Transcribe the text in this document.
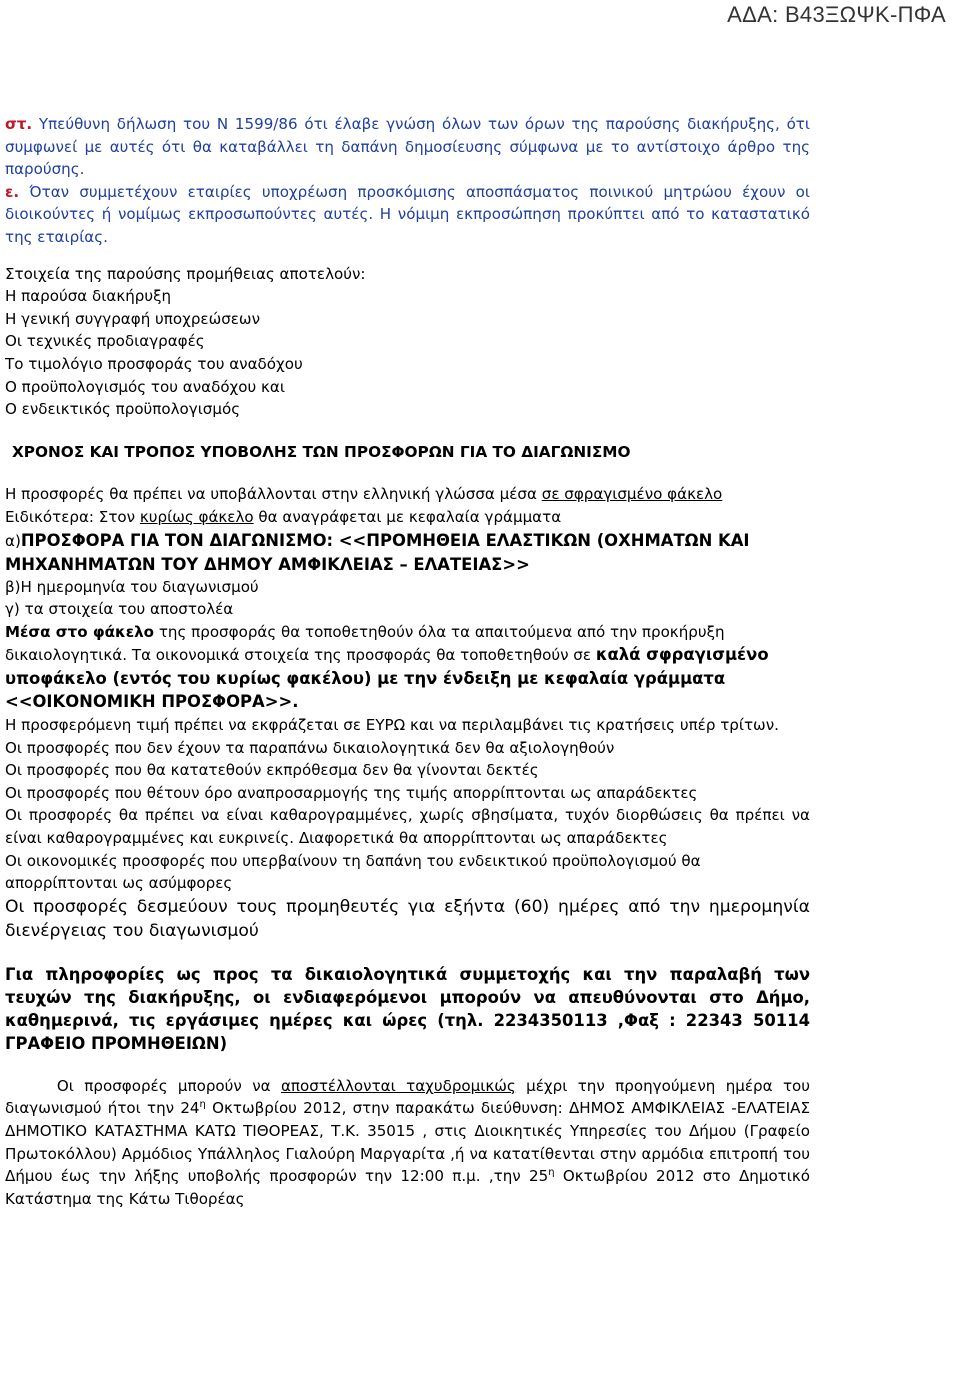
ΑΔΑ: Β43ΞΩΨΚ-ΠΦΑ

στ. Υπεύθυνη δήλωση του Ν 1599/86 ότι έλαβε γνώση όλων των όρων της παρούσης διακήρυξης, ότι συμφωνεί με αυτές ότι θα καταβάλλει τη δαπάνη δημοσίευσης σύμφωνα με το αντίστοιχο άρθρο της παρούσης.

ε. Όταν συμμετέχουν εταιρίες υποχρέωση προσκόμισης αποσπάσματος ποινικού μητρώου έχουν οι διοικούντες ή νομίμως εκπροσωπούντες αυτές. Η νόμιμη εκπροσώπηση προκύπτει από το καταστατικό της εταιρίας.

Στοιχεία της παρούσης προμήθειας αποτελούν:
Η παρούσα διακήρυξη
Η γενική συγγραφή υποχρεώσεων
Οι τεχνικές προδιαγραφές
Το τιμολόγιο προσφοράς του αναδόχου
Ο προϋπολογισμός του αναδόχου και
Ο ενδεικτικός προϋπολογισμός
ΧΡΟΝΟΣ ΚΑΙ ΤΡΟΠΟΣ ΥΠΟΒΟΛΗΣ ΤΩΝ ΠΡΟΣΦΟΡΩΝ ΓΙΑ ΤΟ ΔΙΑΓΩΝΙΣΜΟ

Η προσφορές θα πρέπει να υποβάλλονται στην ελληνική γλώσσα μέσα σε σφραγισμένο φάκελο

Ειδικότερα: Στον κυρίως φάκελο θα αναγράφεται με κεφαλαία γράμματα

α)ΠΡΟΣΦΟΡΑ ΓΙΑ ΤΟΝ ΔΙΑΓΩΝΙΣΜΟ: <<ΠΡΟΜΗΘΕΙΑ ΕΛΑΣΤΙΚΩΝ (ΟΧΗΜΑΤΩΝ ΚΑΙ ΜΗΧΑΝΗΜΑΤΩΝ ΤΟΥ ΔΗΜΟΥ ΑΜΦΙΚΛΕΙΑΣ – ΕΛΑΤΕΙΑΣ>>

β)Η ημερομηνία του διαγωνισμού
γ) τα στοιχεία του αποστολέα

Μέσα στο φάκελο της προσφοράς θα τοποθετηθούν όλα τα απαιτούμενα από την προκήρυξη δικαιολογητικά. Τα οικονομικά στοιχεία της προσφοράς θα τοποθετηθούν σε καλά σφραγισμένο υποφάκελο (εντός του κυρίως φακέλου) με την ένδειξη με κεφαλαία γράμματα <<ΟΙΚΟΝΟΜΙΚΗ ΠΡΟΣΦΟΡΑ>>.

Η προσφερόμενη τιμή πρέπει να εκφράζεται σε ΕΥΡΩ και να περιλαμβάνει τις κρατήσεις υπέρ τρίτων.

Οι προσφορές που δεν έχουν τα παραπάνω δικαιολογητικά δεν θα αξιολογηθούν
Οι προσφορές που θα κατατεθούν εκπρόθεσμα δεν θα γίνονται δεκτές
Οι προσφορές που θέτουν όρο αναπροσαρμογής της τιμής απορρίπτονται ως απαράδεκτες

Οι προσφορές θα πρέπει να είναι καθαρογραμμένες, χωρίς σβησίματα, τυχόν διορθώσεις θα πρέπει να είναι καθαρογραμμένες και ευκρινείς. Διαφορετικά θα απορρίπτονται ως απαράδεκτες

Οι οικονομικές προσφορές που υπερβαίνουν τη δαπάνη του ενδεικτικού προϋπολογισμού θα απορρίπτονται ως ασύμφορες

Οι προσφορές δεσμεύουν τους προμηθευτές για εξήντα (60) ημέρες από την ημερομηνία διενέργειας του διαγωνισμού

Για πληροφορίες ως προς τα δικαιολογητικά συμμετοχής και την παραλαβή των τευχών της διακήρυξης, οι ενδιαφερόμενοι μπορούν να απευθύνονται στο Δήμο, καθημερινά, τις εργάσιμες ημέρες και ώρες (τηλ. 2234350113 ,Φαξ : 22343 50114 ΓΡΑΦΕΙΟ ΠΡΟΜΗΘΕΙΩΝ)

Οι προσφορές μπορούν να αποστέλλονται ταχυδρομικώς μέχρι την προηγούμενη ημέρα του διαγωνισμού ήτοι την $24^\eta$ Οκτωβρίου 2012, στην παρακάτω διεύθυνση: ΔΗΜΟΣ ΑΜΦΙΚΛΕΙΑΣ -ΕΛΑΤΕΙΑΣ ΔΗΜΟΤΙΚΟ ΚΑΤΑΣΤΗΜΑ ΚΑΤΩ ΤΙΘΟΡΕΑΣ, Τ.Κ. 35015 , στις Διοικητικές Υπηρεσίες του Δήμου (Γραφείο Πρωτοκόλλου) Αρμόδιος Υπάλληλος Γιαλούρη Μαργαρίτα ,ή να κατατίθενται στην αρμόδια επιτροπή του Δήμου έως την λήξης υποβολής προσφορών την 12:00 π.μ. ,την $25^\eta$ Οκτωβρίου 2012 στο Δημοτικό Κατάστημα της Κάτω Τιθορέας
